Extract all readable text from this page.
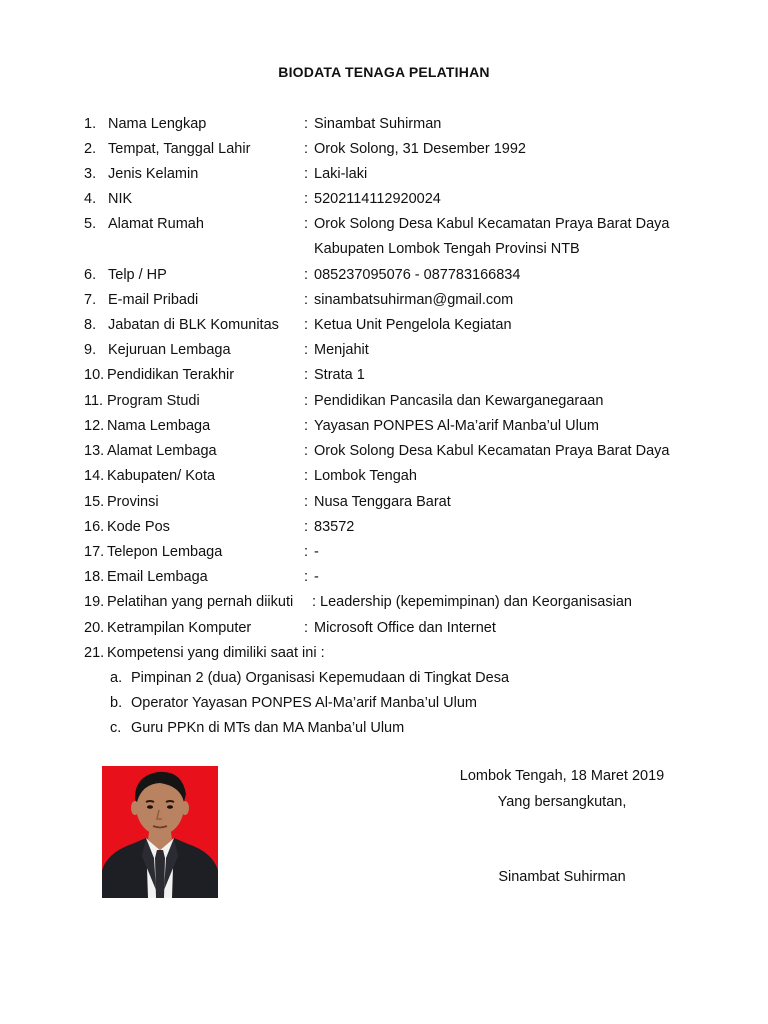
BIODATA TENAGA PELATIHAN
1. Nama Lengkap	: Sinambat Suhirman
2. Tempat, Tanggal Lahir	: Orok Solong, 31 Desember 1992
3. Jenis Kelamin	: Laki-laki
4. NIK	: 5202114112920024
5. Alamat Rumah	: Orok Solong Desa Kabul Kecamatan Praya Barat Daya
Kabupaten Lombok Tengah Provinsi NTB
6. Telp / HP	: 085237095076 - 087783166834
7. E-mail Pribadi	: sinambatsuhirman@gmail.com
8. Jabatan di BLK Komunitas : Ketua Unit Pengelola Kegiatan
9. Kejuruan Lembaga	: Menjahit
10. Pendidikan Terakhir	: Strata 1
11. Program Studi	: Pendidikan Pancasila dan Kewarganegaraan
12. Nama Lembaga	: Yayasan PONPES Al-Ma’arif Manba’ul Ulum
13. Alamat Lembaga	: Orok Solong Desa Kabul Kecamatan Praya Barat Daya
14. Kabupaten/ Kota	: Lombok Tengah
15. Provinsi	: Nusa Tenggara Barat
16. Kode Pos	: 83572
17. Telepon Lembaga	: -
18. Email Lembaga	: -
19. Pelatihan yang pernah diikuti : Leadership (kepemimpinan) dan Keorganisasian
20. Ketrampilan Komputer	: Microsoft Office dan Internet
21. Kompetensi yang dimiliki saat ini :
a. Pimpinan 2 (dua) Organisasi Kepemudaan di Tingkat Desa
b. Operator Yayasan PONPES Al-Ma’arif Manba’ul Ulum
c. Guru PPKn di MTs dan MA Manba’ul Ulum
Lombok Tengah, 18 Maret 2019
Yang bersangkutan,
Sinambat Suhirman
